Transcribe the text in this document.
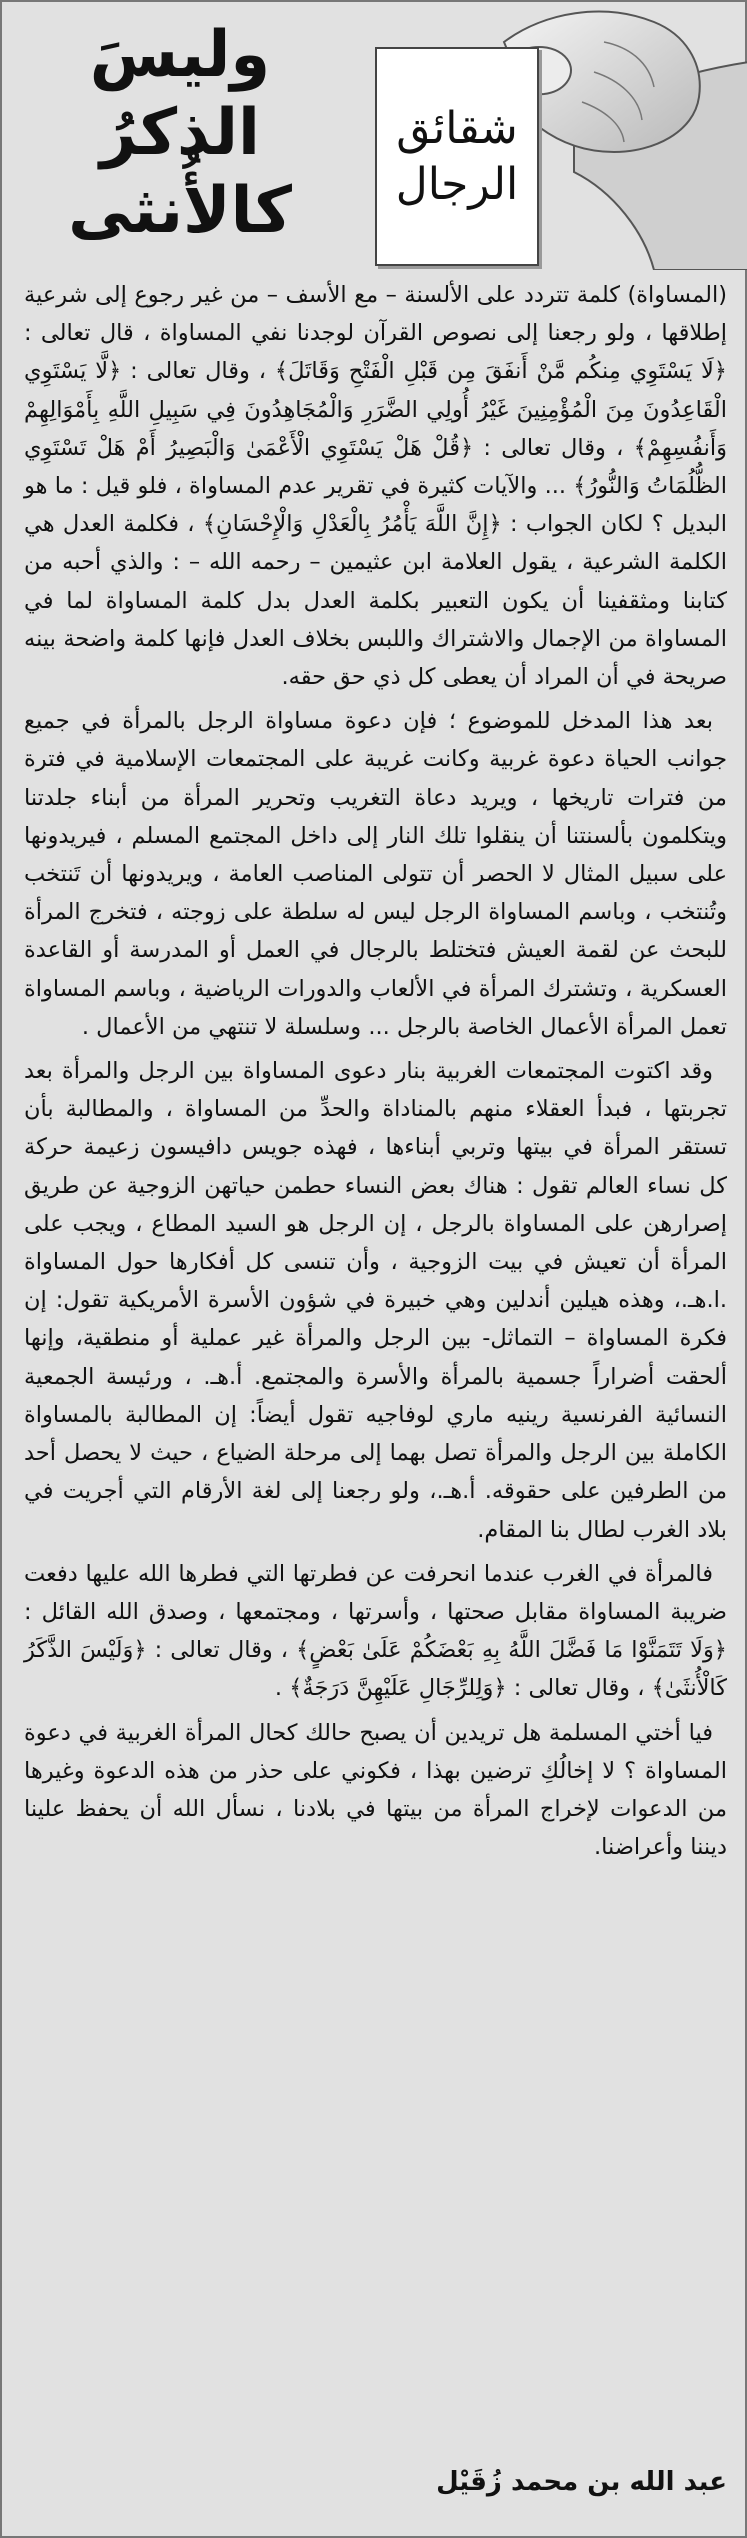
وليسَ
الذكرُ
كالأُنثى
شقائق
الرجال

(المساواة) كلمة تتردد على الألسنة – مع الأسف – من غير رجوع إلى شرعية إطلاقها ، ولو رجعنا إلى نصوص القرآن لوجدنا نفي المساواة ، قال تعالى : ﴿لَا يَسْتَوِي مِنكُم مَّنْ أَنفَقَ مِن قَبْلِ الْفَتْحِ وَقَاتَلَ﴾ ، وقال تعالى : ﴿لَّا يَسْتَوِي الْقَاعِدُونَ مِنَ الْمُؤْمِنِينَ غَيْرُ أُولِي الضَّرَرِ وَالْمُجَاهِدُونَ فِي سَبِيلِ اللَّهِ بِأَمْوَالِهِمْ وَأَنفُسِهِمْ﴾ ، وقال تعالى : ﴿قُلْ هَلْ يَسْتَوِي الْأَعْمَىٰ وَالْبَصِيرُ أَمْ هَلْ تَسْتَوِي الظُّلُمَاتُ وَالنُّورُ﴾ ... والآيات كثيرة في تقرير عدم المساواة ، فلو قيل : ما هو البديل ؟ لكان الجواب : ﴿إِنَّ اللَّهَ يَأْمُرُ بِالْعَدْلِ وَالْإِحْسَانِ﴾ ، فكلمة العدل هي الكلمة الشرعية ، يقول العلامة ابن عثيمين – رحمه الله – : والذي أحبه من كتابنا ومثقفينا أن يكون التعبير بكلمة العدل بدل كلمة المساواة لما في المساواة من الإجمال والاشتراك واللبس بخلاف العدل فإنها كلمة واضحة بينه صريحة في أن المراد أن يعطى كل ذي حق حقه.

بعد هذا المدخل للموضوع ؛ فإن دعوة مساواة الرجل بالمرأة في جميع جوانب الحياة دعوة غربية وكانت غريبة على المجتمعات الإسلامية في فترة من فترات تاريخها ، ويريد دعاة التغريب وتحرير المرأة من أبناء جلدتنا ويتكلمون بألسنتنا أن ينقلوا تلك النار إلى داخل المجتمع المسلم ، فيريدونها على سبيل المثال لا الحصر أن تتولى المناصب العامة ، ويريدونها أن تَنتخب وتُنتخب ، وباسم المساواة الرجل ليس له سلطة على زوجته ، فتخرج المرأة للبحث عن لقمة العيش فتختلط بالرجال في العمل أو المدرسة أو القاعدة العسكرية ، وتشترك المرأة في الألعاب والدورات الرياضية ، وباسم المساواة تعمل المرأة الأعمال الخاصة بالرجل ... وسلسلة لا تنتهي من الأعمال .

وقد اكتوت المجتمعات الغربية بنار دعوى المساواة بين الرجل والمرأة بعد تجربتها ، فبدأ العقلاء منهم بالمناداة والحدِّ من المساواة ، والمطالبة بأن تستقر المرأة في بيتها وتربي أبناءها ، فهذه جويس دافيسون زعيمة حركة كل نساء العالم تقول : هناك بعض النساء حطمن حياتهن الزوجية عن طريق إصرارهن على المساواة بالرجل ، إن الرجل هو السيد المطاع ، ويجب على المرأة أن تعيش في بيت الزوجية ، وأن تنسى كل أفكارها حول المساواة .ا.هـ.، وهذه هيلين أندلين وهي خبيرة في شؤون الأسرة الأمريكية تقول: إن فكرة المساواة – التماثل- بين الرجل والمرأة غير عملية أو منطقية، وإنها ألحقت أضراراً جسمية بالمرأة والأسرة والمجتمع. أ.هـ. ، ورئيسة الجمعية النسائية الفرنسية رينيه ماري لوفاجيه تقول أيضاً: إن المطالبة بالمساواة الكاملة بين الرجل والمرأة تصل بهما إلى مرحلة الضياع ، حيث لا يحصل أحد من الطرفين على حقوقه. أ.هـ.، ولو رجعنا إلى لغة الأرقام التي أجريت في بلاد الغرب لطال بنا المقام.

فالمرأة في الغرب عندما انحرفت عن فطرتها التي فطرها الله عليها دفعت ضريبة المساواة مقابل صحتها ، وأسرتها ، ومجتمعها ، وصدق الله القائل : ﴿وَلَا تَتَمَنَّوْا مَا فَضَّلَ اللَّهُ بِهِ بَعْضَكُمْ عَلَىٰ بَعْضٍ﴾ ، وقال تعالى : ﴿وَلَيْسَ الذَّكَرُ كَالْأُنثَىٰ﴾ ، وقال تعالى : ﴿وَلِلرِّجَالِ عَلَيْهِنَّ دَرَجَةٌ﴾ .

فيا أختي المسلمة هل تريدين أن يصبح حالك كحال المرأة الغربية في دعوة المساواة ؟ لا إخالُكِ ترضين بهذا ، فكوني على حذر من هذه الدعوة وغيرها من الدعوات لإخراج المرأة من بيتها في بلادنا ، نسأل الله أن يحفظ علينا ديننا وأعراضنا.

عبد الله بن محمد زُقَيْل
